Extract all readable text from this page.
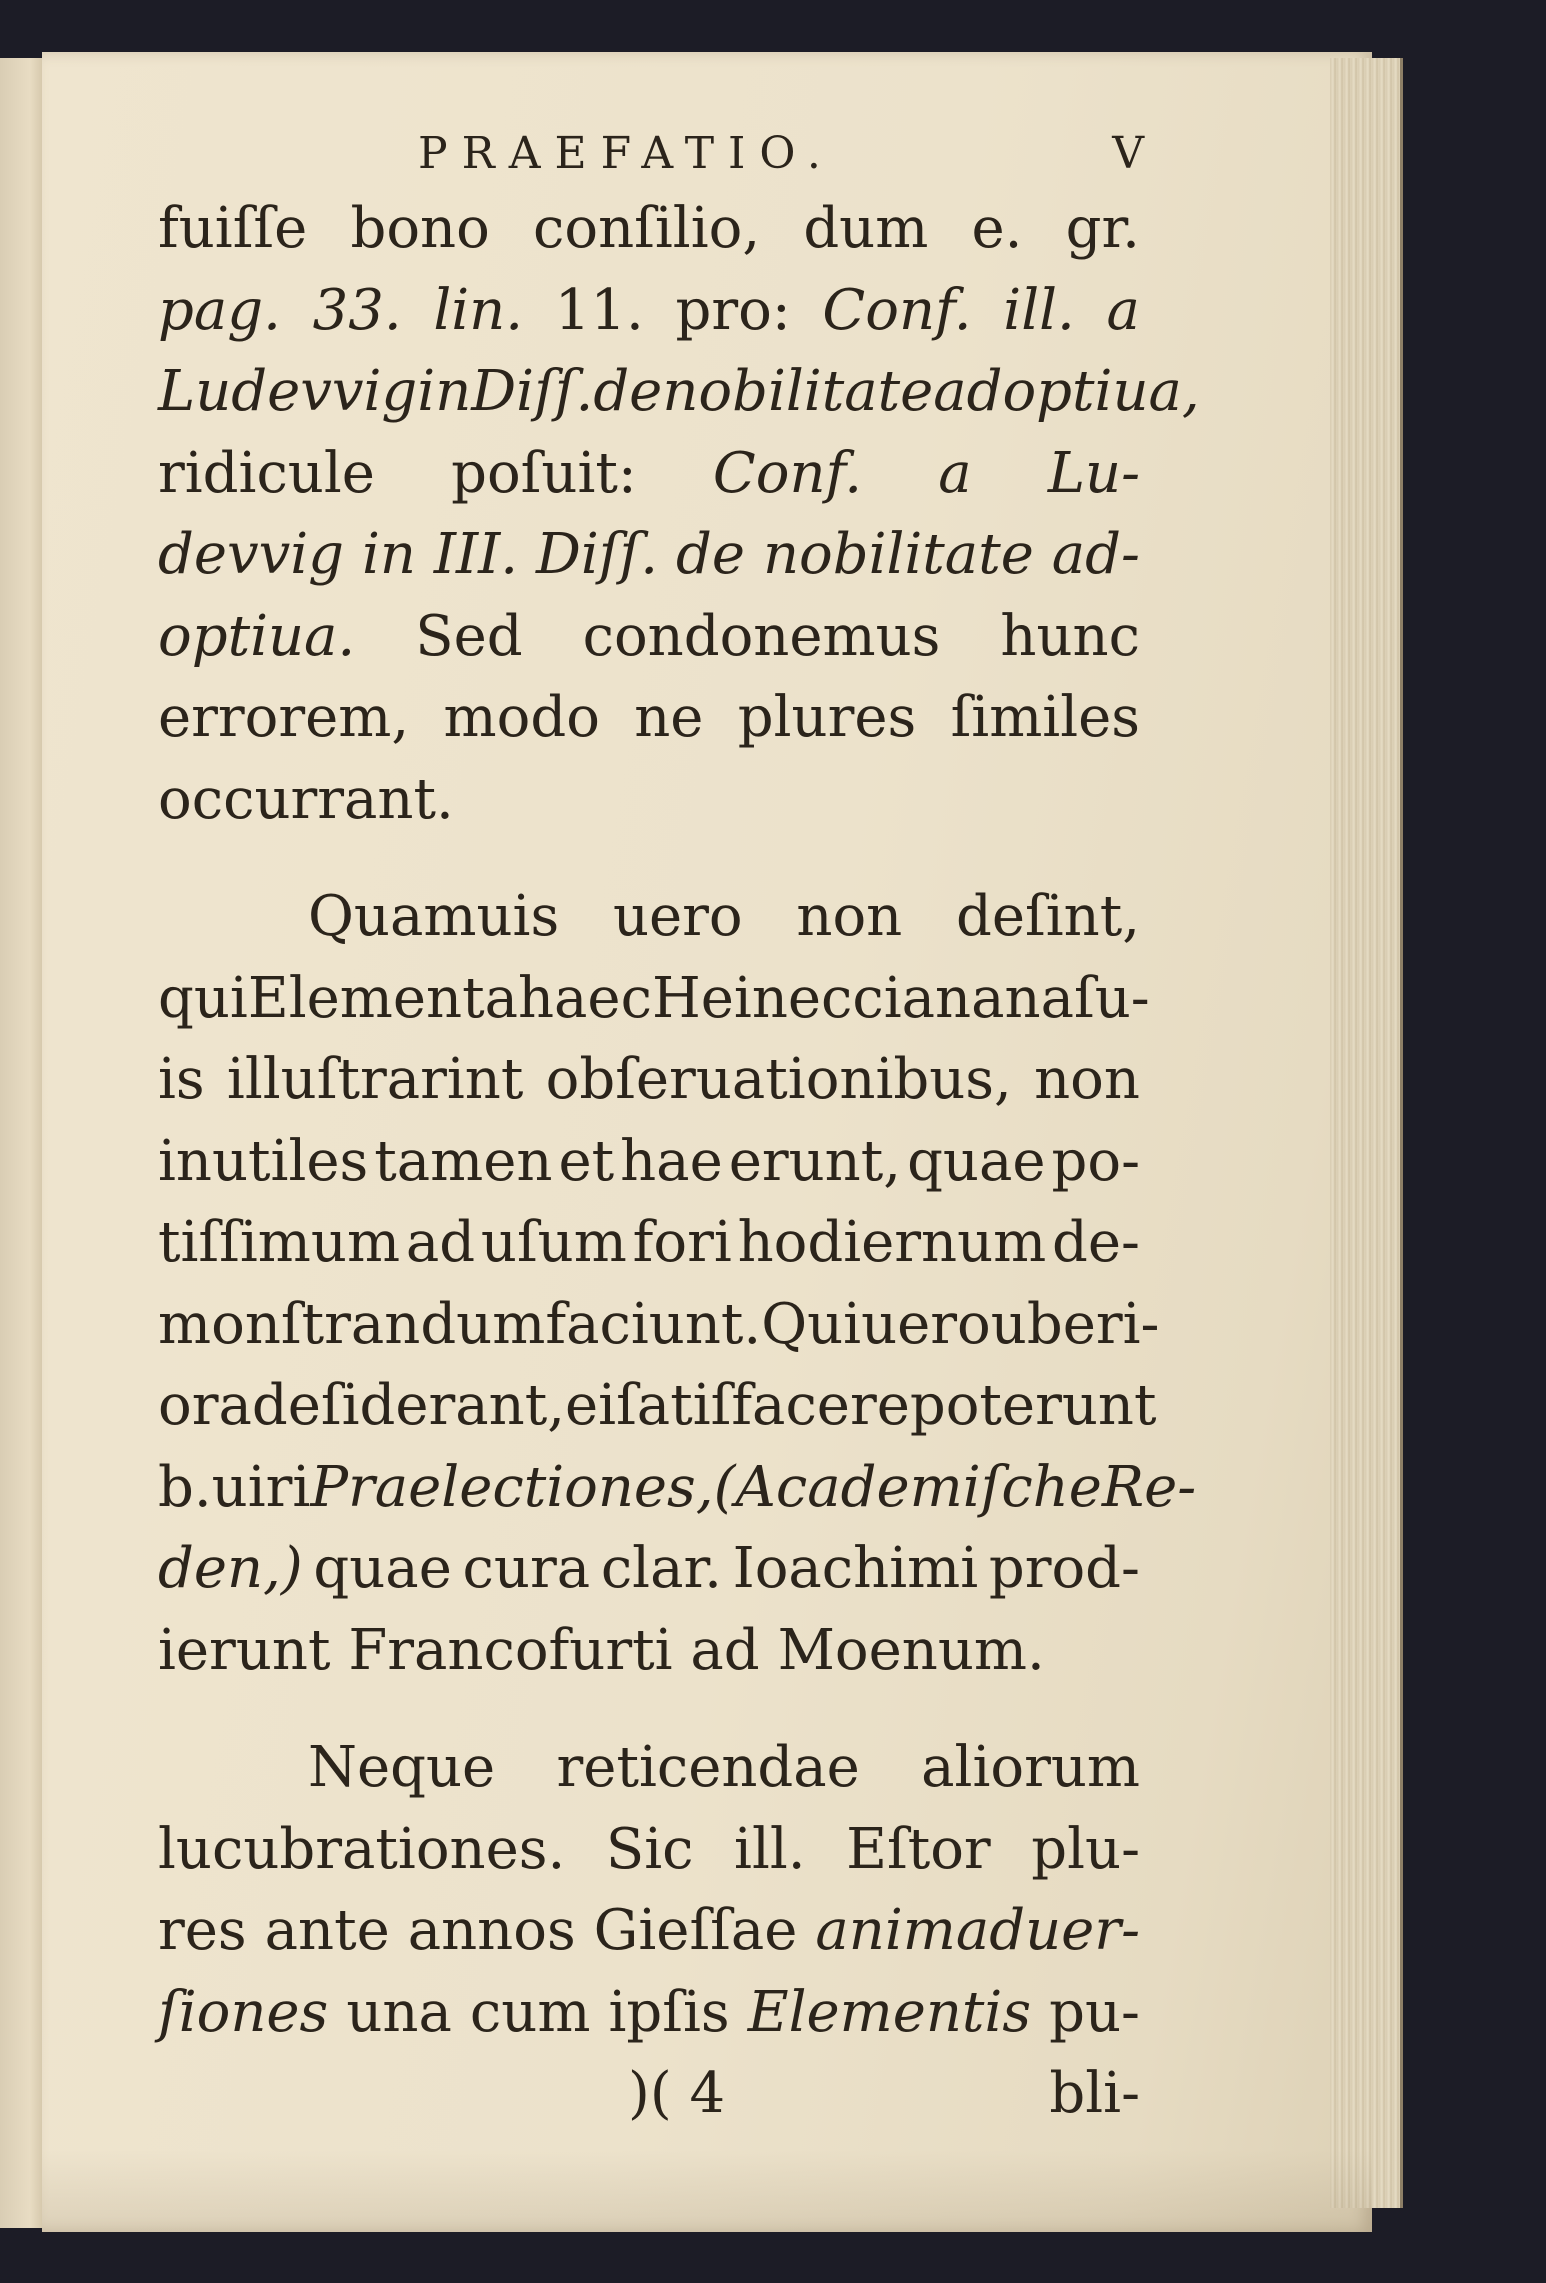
PRAEFATIO.	V
fuiſſe bono conſilio, dum e. gr.
pag. 33. lin. 11. pro: Conf. ill. a
Ludevvig in Diſſ. de nobilitate adoptiua,
ridicule poſuit: Conf. a Lu-
devvig in III. Diſſ. de nobilitate ad-
optiua. Sed condonemus hunc
errorem, modo ne plures ſimiles
occurrant.
Quamuis uero non deſint,
qui Elementa haec Heineccianana ſu-
is illuſtrarint obſeruationibus, non
inutiles tamen et hae erunt, quae po-
tiſſimum ad uſum fori hodiernum de-
monſtrandum faciunt. Qui uero uberi-
ora deſiderant, ei ſatiſfacere poterunt
b. uiri Praelectiones, (Academiſche Re-
den,) quae cura clar. Ioachimi prod-
ierunt Francofurti ad Moenum.
Neque reticendae aliorum
lucubrationes. Sic ill. Eſtor plu-
res ante annos Gieſſae animaduer-
ſiones una cum ipſis Elementis pu-
)( 4	bli-
